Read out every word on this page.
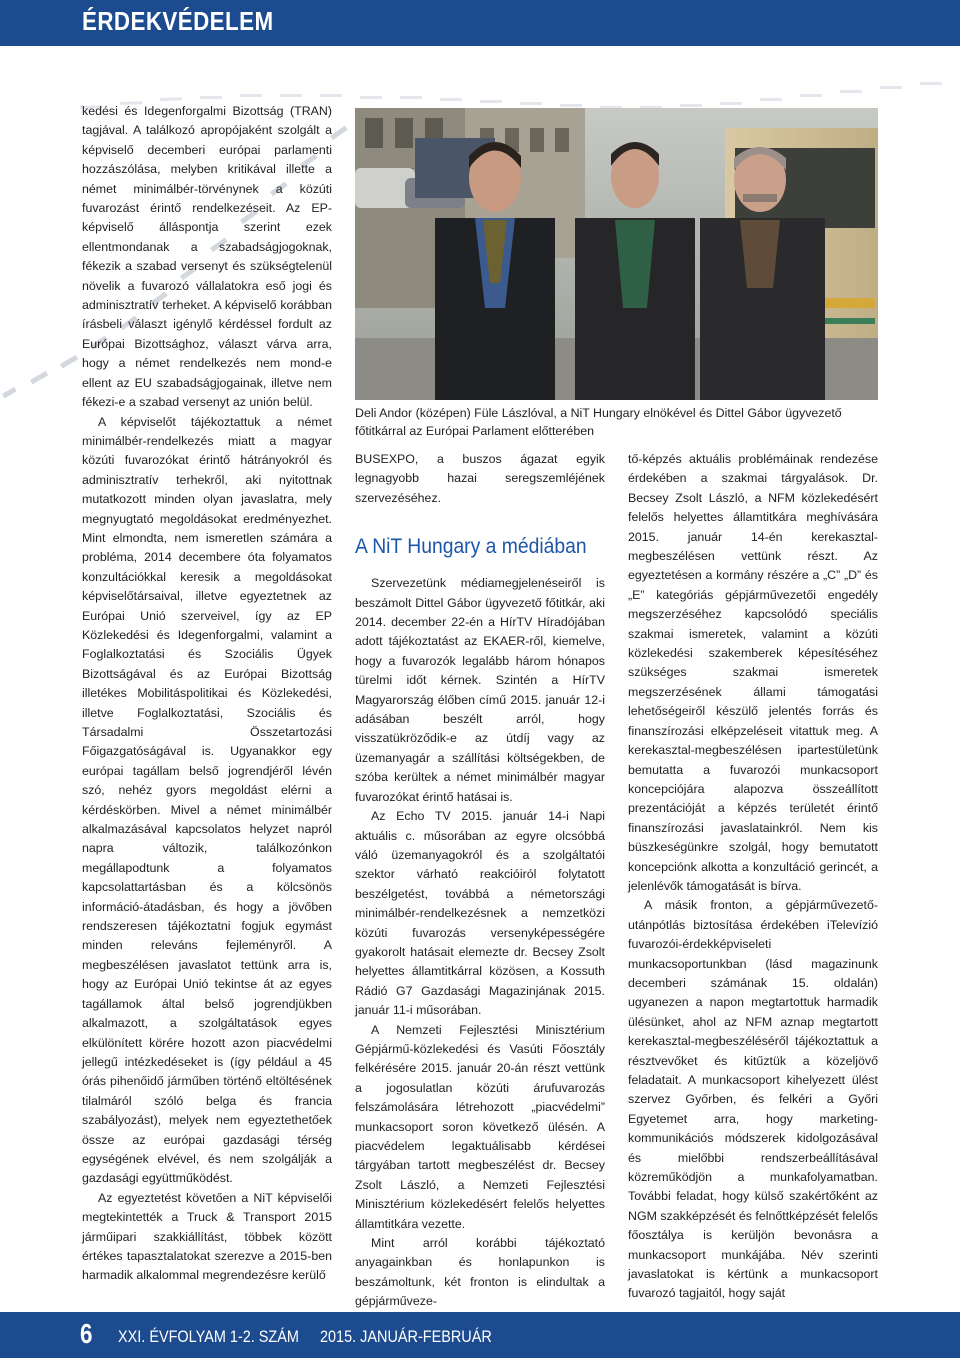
ÉRDEKVÉDELEM

kedési és Idegenforgalmi Bizottság (TRAN) tagjával. A találkozó apropójaként szolgált a képviselő decemberi európai parlamenti hozzászólása, melyben kritikával illette a német minimálbér-törvénynek a közúti fuvarozást érintő rendelkezéseit. Az EP-képviselő álláspontja szerint ezek ellentmondanak a szabadságjogoknak, fékezik a szabad versenyt és szükségtelenül növelik a fuvarozó vállalatokra eső jogi és adminisztratív terheket. A képviselő korábban írásbeli választ igénylő kérdéssel fordult az Európai Bizottsághoz, választ várva arra, hogy a német rendelkezés nem mond-e ellent az EU szabadságjogainak, illetve nem fékezi-e a szabad versenyt az unión belül.

A képviselőt tájékoztattuk a német minimálbér-rendelkezés miatt a magyar közúti fuvarozókat érintő hátrányokról és adminisztratív terhekről, aki nyitottnak mutatkozott minden olyan javaslatra, mely megnyugtató megoldásokat eredményezhet. Mint elmondta, nem ismeretlen számára a probléma, 2014 decembere óta folyamatos konzultációkkal keresik a megoldásokat képviselőtársaival, illetve egyeztetnek az Európai Unió szerveivel, így az EP Közlekedési és Idegenforgalmi, valamint a Foglalkoztatási és Szociális Ügyek Bizottságával és az Európai Bizottság illetékes Mobilitáspolitikai és Közlekedési, illetve Foglalkoztatási, Szociális és Társadalmi Összetartozási Főigazgatóságával is. Ugyanakkor egy európai tagállam belső jogrendjéről lévén szó, nehéz gyors megoldást elérni a kérdéskörben. Mivel a német minimálbér alkalmazásával kapcsolatos helyzet napról napra változik, találkozónkon megállapodtunk a folyamatos kapcsolattartásban és a kölcsönös információ-átadásban, és hogy a jövőben rendszeresen tájékoztatni fogjuk egymást minden releváns fejleményről. A megbeszélésen javaslatot tettünk arra is, hogy az Európai Unió tekintse át az egyes tagállamok által belső jogrendjükben alkalmazott, a szolgáltatások egyes elkülönített körére hozott azon piacvédelmi jellegű intézkedéseket is (így például a 45 órás pihenőidő járműben történő eltöltésének tilalmáról szóló belga és francia szabályozást), melyek nem egyeztethetőek össze az európai gazdasági térség egységének elvével, és nem szolgálják a gazdasági együttműködést.

Az egyeztetést követően a NiT képviselői megtekintették a Truck & Transport 2015 járműipari szakkiállítást, többek között értékes tapasztalatokat szerezve a 2015-ben harmadik alkalommal megrendezésre kerülő

Deli Andor (középen) Füle Lászlóval, a NiT Hungary elnökével és Dittel Gábor ügyvezető főtitkárral az Európai Parlament előtterében

BUSEXPO, a buszos ágazat egyik legnagyobb hazai seregszemléjének szervezéséhez.

A NiT Hungary a médiában

Szervezetünk médiamegjelenéseiről is beszámolt Dittel Gábor ügyvezető főtitkár, aki 2014. december 22-én a HírTV Híradójában adott tájékoztatást az EKAER-ről, kiemelve, hogy a fuvarozók legalább három hónapos türelmi időt kérnek. Szintén a HírTV Magyarország élőben című 2015. január 12-i adásában beszélt arról, hogy visszatükröződik-e az útdíj vagy az üzemanyagár a szállítási költségekben, de szóba kerültek a német minimálbér magyar fuvarozókat érintő hatásai is.

Az Echo TV 2015. január 14-i Napi aktuális c. műsorában az egyre olcsóbbá váló üzemanyagokról és a szolgáltatói szektor várható reakcióiról folytatott beszélgetést, továbbá a németországi minimálbér-rendelkezésnek a nemzetközi közúti fuvarozás versenyképességére gyakorolt hatásait elemezte dr. Becsey Zsolt helyettes államtitkárral közösen, a Kossuth Rádió G7 Gazdasági Magazinjának 2015. január 11-i műsorában.

A Nemzeti Fejlesztési Minisztérium Gépjármű-közlekedési és Vasúti Főosztály felkérésére 2015. január 20-án részt vettünk a jogosulatlan közúti árufuvarozás felszámolására létrehozott „piacvédelmi” munkacsoport soron következő ülésén. A piacvédelem legaktuálisabb kérdései tárgyában tartott megbeszélést dr. Becsey Zsolt László, a Nemzeti Fejlesztési Minisztérium közlekedésért felelős helyettes államtitkára vezette.

Mint arról korábbi tájékoztató anyagainkban és honlapunkon is beszámoltunk, két fronton is elindultak a gépjárműveze-

tő-képzés aktuális problémáinak rendezése érdekében a szakmai tárgyalások. Dr. Becsey Zsolt László, a NFM közlekedésért felelős helyettes államtitkára meghívására 2015. január 14-én kerekasztal-megbeszélésen vettünk részt. Az egyeztetésen a kormány részére a „C” „D” és „E” kategóriás gépjárművezetői engedély megszerzéséhez kapcsolódó speciális szakmai ismeretek, valamint a közúti közlekedési szakemberek képesítéséhez szükséges szakmai ismeretek megszerzésének állami támogatási lehetőségeiről készülő jelentés forrás és finanszírozási elképzeléseit vitattuk meg. A kerekasztal-megbeszélésen ipartestületünk bemutatta a fuvarozói munkacsoport koncepciójára alapozva összeállított prezentációját a képzés területét érintő finanszírozási javaslatainkról. Nem kis büszkeségünkre szolgál, hogy bemutatott koncepciónk alkotta a konzultáció gerincét, a jelenlévők támogatását is bírva.

A másik fronton, a gépjárművezető-utánpótlás biztosítása érdekében iTelevízió fuvarozói-érdekképviseleti munkacsoportunkban (lásd magazinunk decemberi számának 15. oldalán) ugyanezen a napon megtartottuk harmadik ülésünket, ahol az NFM aznap megtartott kerekasztal-megbeszéléséről tájékoztattuk a résztvevőket és kitűztük a közeljövő feladatait. A munkacsoport kihelyezett ülést szervez Győrben, és felkéri a Győri Egyetemet arra, hogy marketing-kommunikációs módszerek kidolgozásával és mielőbbi rendszerbeállításával közreműködjön a munkafolyamatban. További feladat, hogy külső szakértőként az NGM szakképzését és felnőttképzését felelős főosztálya is kerüljön bevonásra a munkacsoport munkájába. Név szerinti javaslatokat is kértünk a munkacsoport fuvarozó tagjaitól, hogy saját

6 XXI. ÉVFOLYAM 1-2. SZÁM 2015. JANUÁR-FEBRUÁR
